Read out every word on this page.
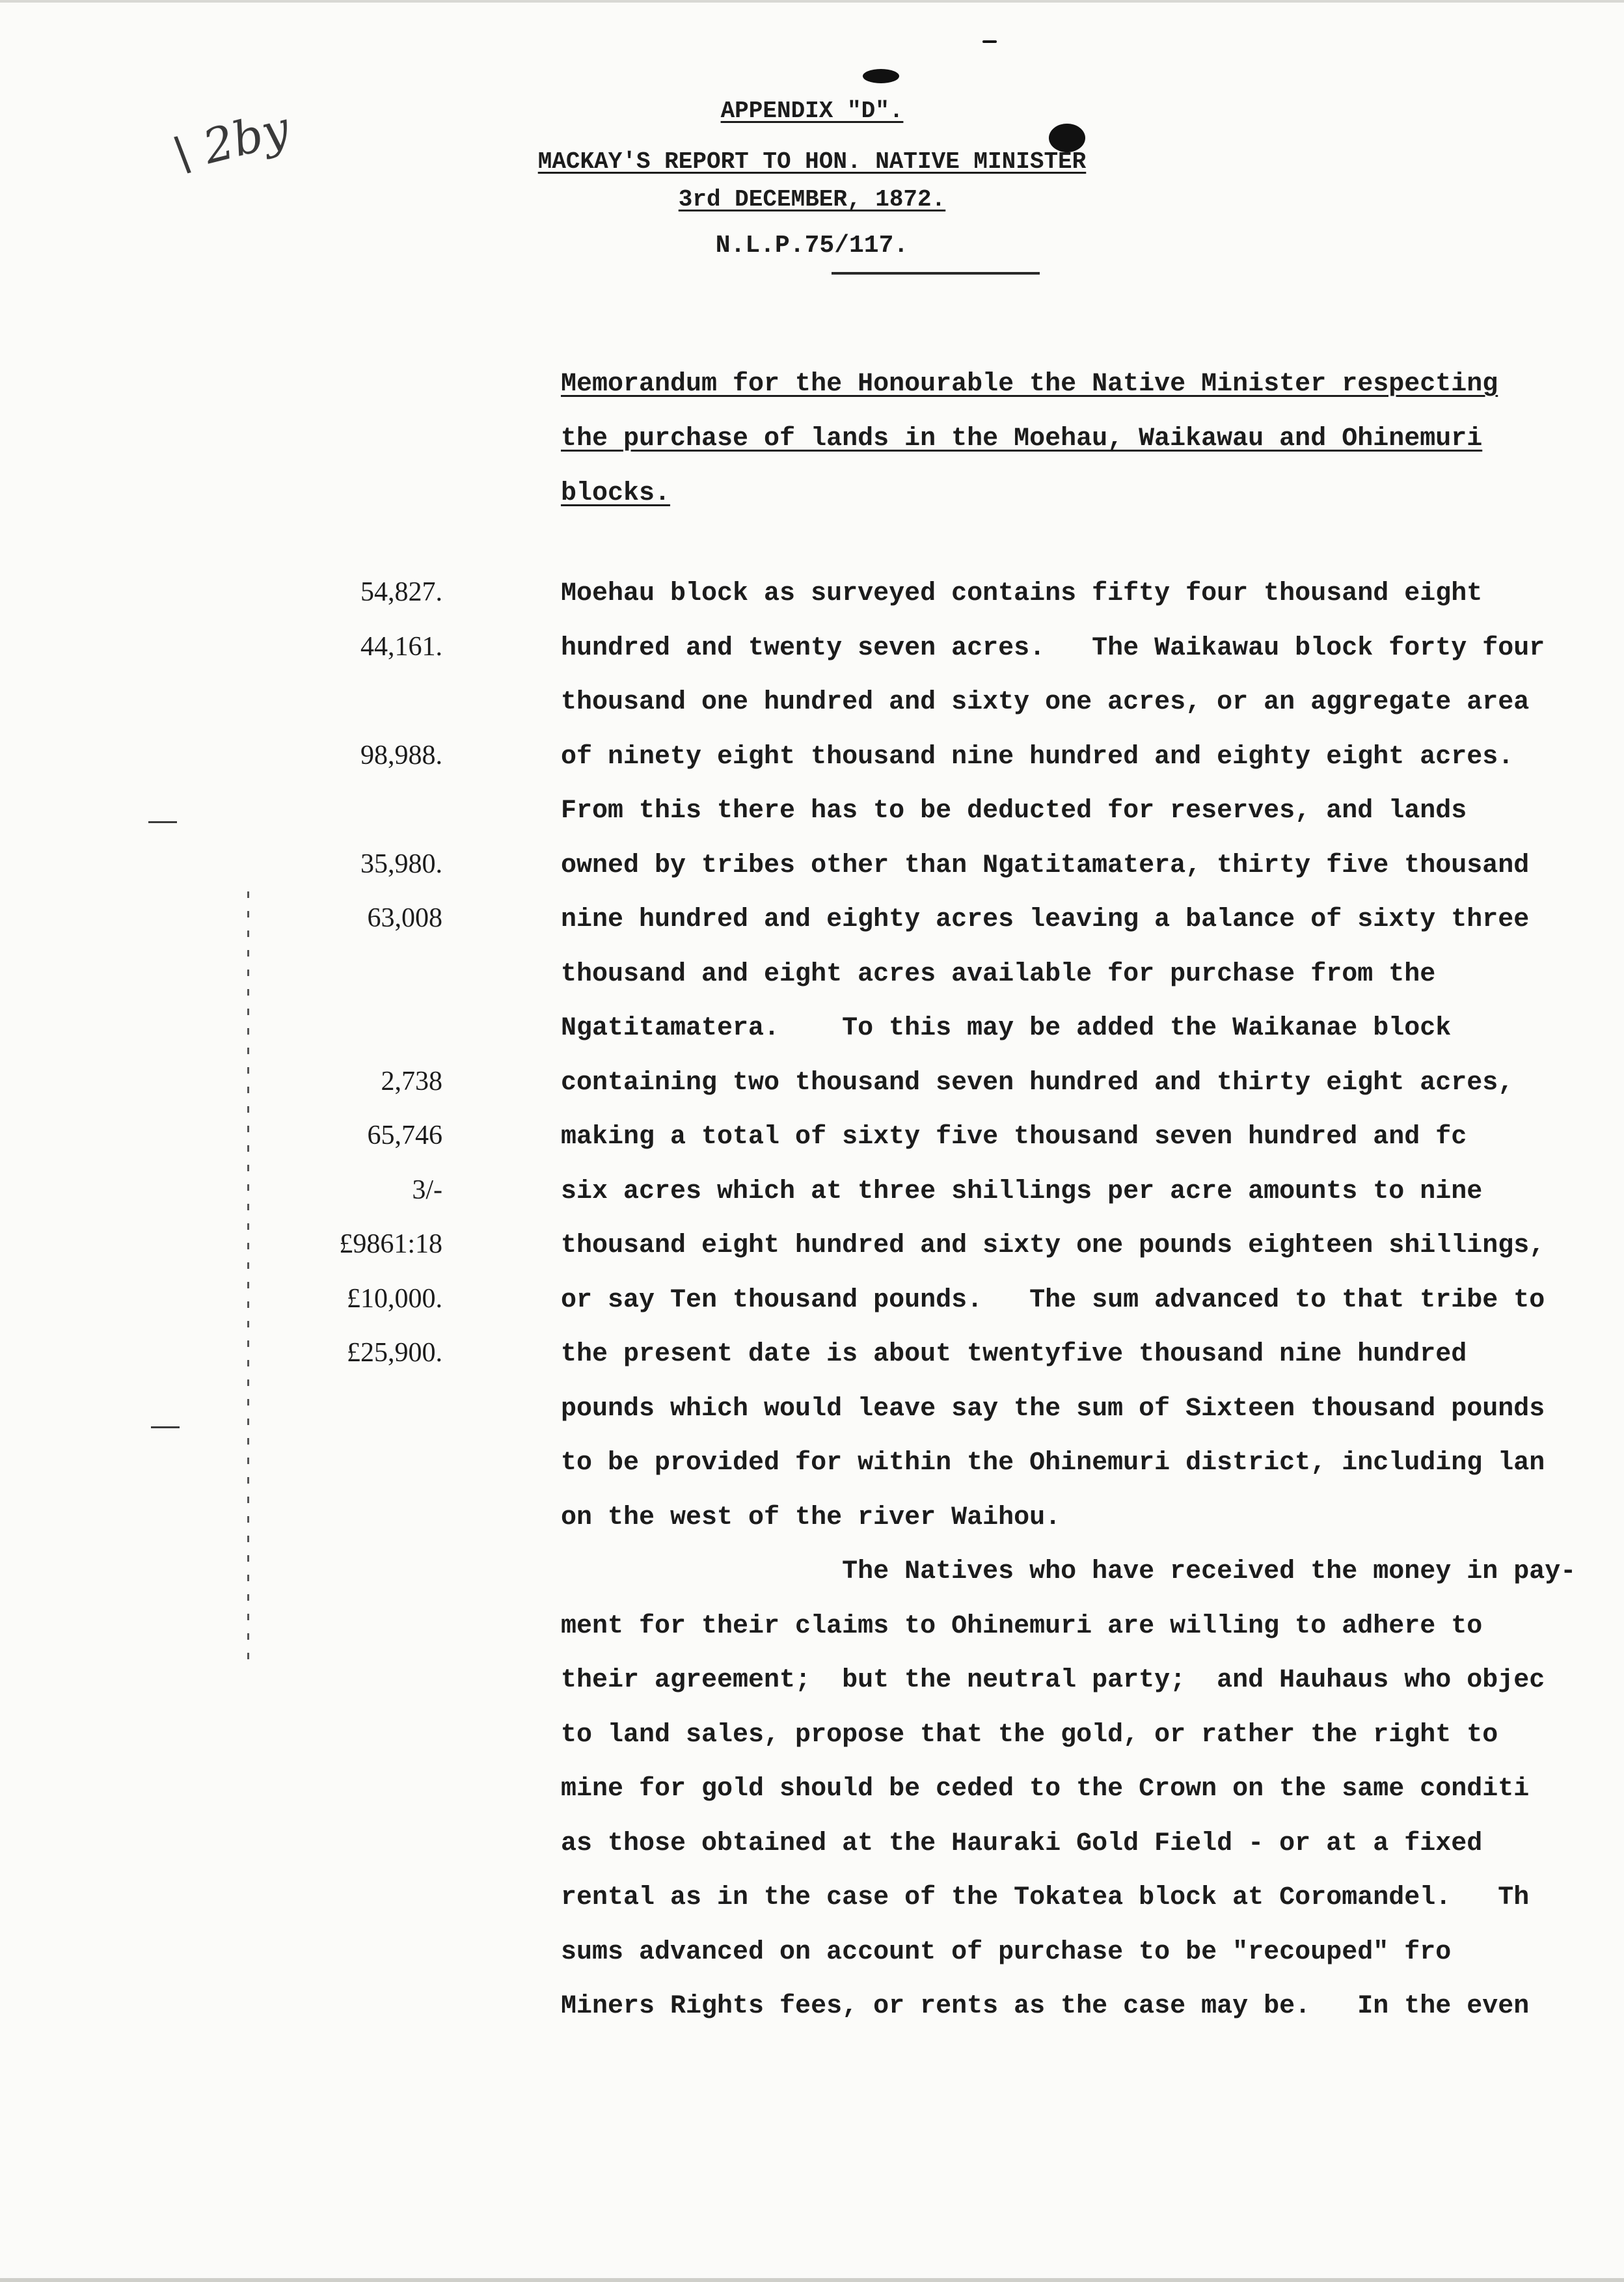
APPENDIX "D".
MACKAY'S REPORT TO HON. NATIVE MINISTER
3rd DECEMBER, 1872.
N.L.P.75/117.
\ 2by
Memorandum for the Honourable the Native Minister respecting
the purchase of lands in the Moehau, Waikawau and Ohinemuri
blocks.
Moehau block as surveyed contains fifty four thousand eight
hundred and twenty seven acres.   The Waikawau block forty four
thousand one hundred and sixty one acres, or an aggregate area
of ninety eight thousand nine hundred and eighty eight acres.
From this there has to be deducted for reserves, and lands
owned by tribes other than Ngatitamatera, thirty five thousand
nine hundred and eighty acres leaving a balance of sixty three
thousand and eight acres available for purchase from the
Ngatitamatera.    To this may be added the Waikanae block
containing two thousand seven hundred and thirty eight acres,
making a total of sixty five thousand seven hundred and fc
six acres which at three shillings per acre amounts to nine
thousand eight hundred and sixty one pounds eighteen shillings,
or say Ten thousand pounds.   The sum advanced to that tribe to
the present date is about twentyfive thousand nine hundred
pounds which would leave say the sum of Sixteen thousand pounds
to be provided for within the Ohinemuri district, including lan
on the west of the river Waihou.
The Natives who have received the money in pay-
ment for their claims to Ohinemuri are willing to adhere to
their agreement;  but the neutral party;  and Hauhaus who objec
to land sales, propose that the gold, or rather the right to
mine for gold should be ceded to the Crown on the same conditi
as those obtained at the Hauraki Gold Field - or at a fixed
rental as in the case of the Tokatea block at Coromandel.   Th
sums advanced on account of purchase to be "recouped" fro
Miners Rights fees, or rents as the case may be.   In the even
54,827.
44,161.
98,988.
35,980.
63,008
2,738
65,746
3/-
£9861:18
£10,000.
£25,900.
